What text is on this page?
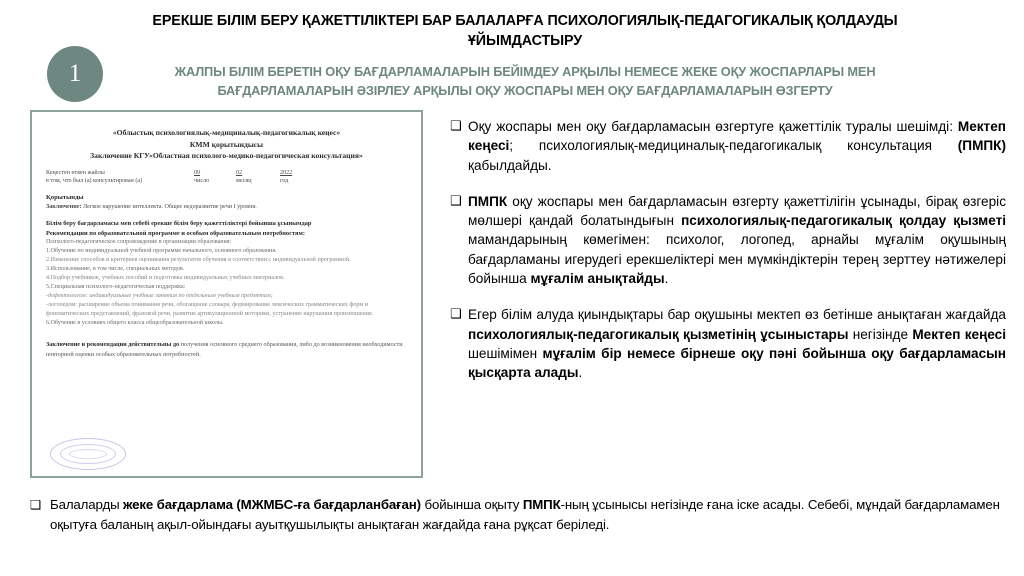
ЕРЕКШЕ БІЛІМ БЕРУ ҚАЖЕТТІЛІКТЕРІ БАР БАЛАЛАРҒА ПСИХОЛОГИЯЛЫҚ-ПЕДАГОГИКАЛЫҚ ҚОЛДАУДЫ ҰЙЫМДАСТЫРУ
ЖАЛПЫ БІЛІМ БЕРЕТІН ОҚУ БАҒДАРЛАМАЛАРЫН БЕЙІМДЕУ АРҚЫЛЫ НЕМЕСЕ ЖЕКЕ ОҚУ ЖОСПАРЛАРЫ МЕН БАҒДАРЛАМАЛАРЫН ӘЗІРЛЕУ АРҚЫЛЫ ОҚУ ЖОСПАРЫ МЕН ОҚУ БАҒДАРЛАМАЛАРЫН ӨЗГЕРТУ
1
«Облыстық психологиялық-медициналық-педагогикалық кеңес»
КММ қорытындысы
Заключение КГУ«Областная психолого-медико-педагогическая консультация»
Кеңестен өткен жайлы	09	02	2022
в том, что был (а) консультирован (а)	число	месяц	год
Қорытынды
Заключение: Легкое нарушение интеллекта. Общее недоразвитие речи I уровня.
Білім беру бағдарламасы мен сeбeбі ерекше білім беру қажеттіліктері бойынша ұсынымдар
Рекомендации по образовательной программе и особым образовательным потребностям:
Психолого-педагогическое сопровождение в организации образования:
1.Обучение по индивидуальной учебной программе начального, основного образования.
2.Изменение способов и критериев оценивания результатов обучения в соответствии с индивидуальной программой.
3.Использование, в том числе, специальных методов.
4.Подбор учебников, учебных пособий и подготовка индивидуальных учебных материалов.
5.Специальная психолого-педагогическая поддержка:
-дефектологом: индивидуальные учебные занятия по отдельным учебным предметам;
-логопедом: расширение объема понимания речи, обогащение словаря, формирование лексических грамматических форм и фонематических представлений, фразовой речи, развитие артикуляционной моторики, устранение нарушения произношения.
6.Обучение в условиях общего класса общеобразовательной школы.
Заключение и рекомендации действительны до получения основного среднего образования, либо до возникновения необходимости повторной оценки особых образовательных потребностей.
❑ Оқу жоспары мен оқу бағдарламасын өзгертуге қажеттілік туралы шешімді: Мектеп кеңесі; психологиялық-медициналық-педагогикалық консультация (ПМПК) қабылдайды.
❑ ПМПК оқу жоспары мен бағдарламасын өзгерту қажеттілігін ұсынады, бірақ өзгеріс мөлшері қандай болатындығын психологиялық-педагогикалық қолдау қызметі мамандарының көмегімен: психолог, логопед, арнайы мұғалім оқушының бағдарламаны игерудегі ерекшеліктері мен мүмкіндіктерін терең зерттеу нәтижелері бойынша мұғалім анықтайды.
❑ Егер білім алуда қиындықтары бар оқушыны мектеп өз бетінше анықтаған жағдайда психологиялық-педагогикалық қызметінің ұсыныстары негізінде Мектеп кеңесі шешімімен мұғалім бір немесе бірнеше оқу пәні бойынша оқу бағдарламасын қысқарта алады.
❑ Балаларды жеке бағдарлама (МЖМБС-ға бағдарланбаған) бойынша оқыту ПМПК-ның ұсынысы негізінде ғана іске асады. Себебі, мұндай бағдарламамен оқытуға баланың ақыл-ойындағы ауытқушылықты анықтаған жағдайда ғана рұқсат беріледі.
